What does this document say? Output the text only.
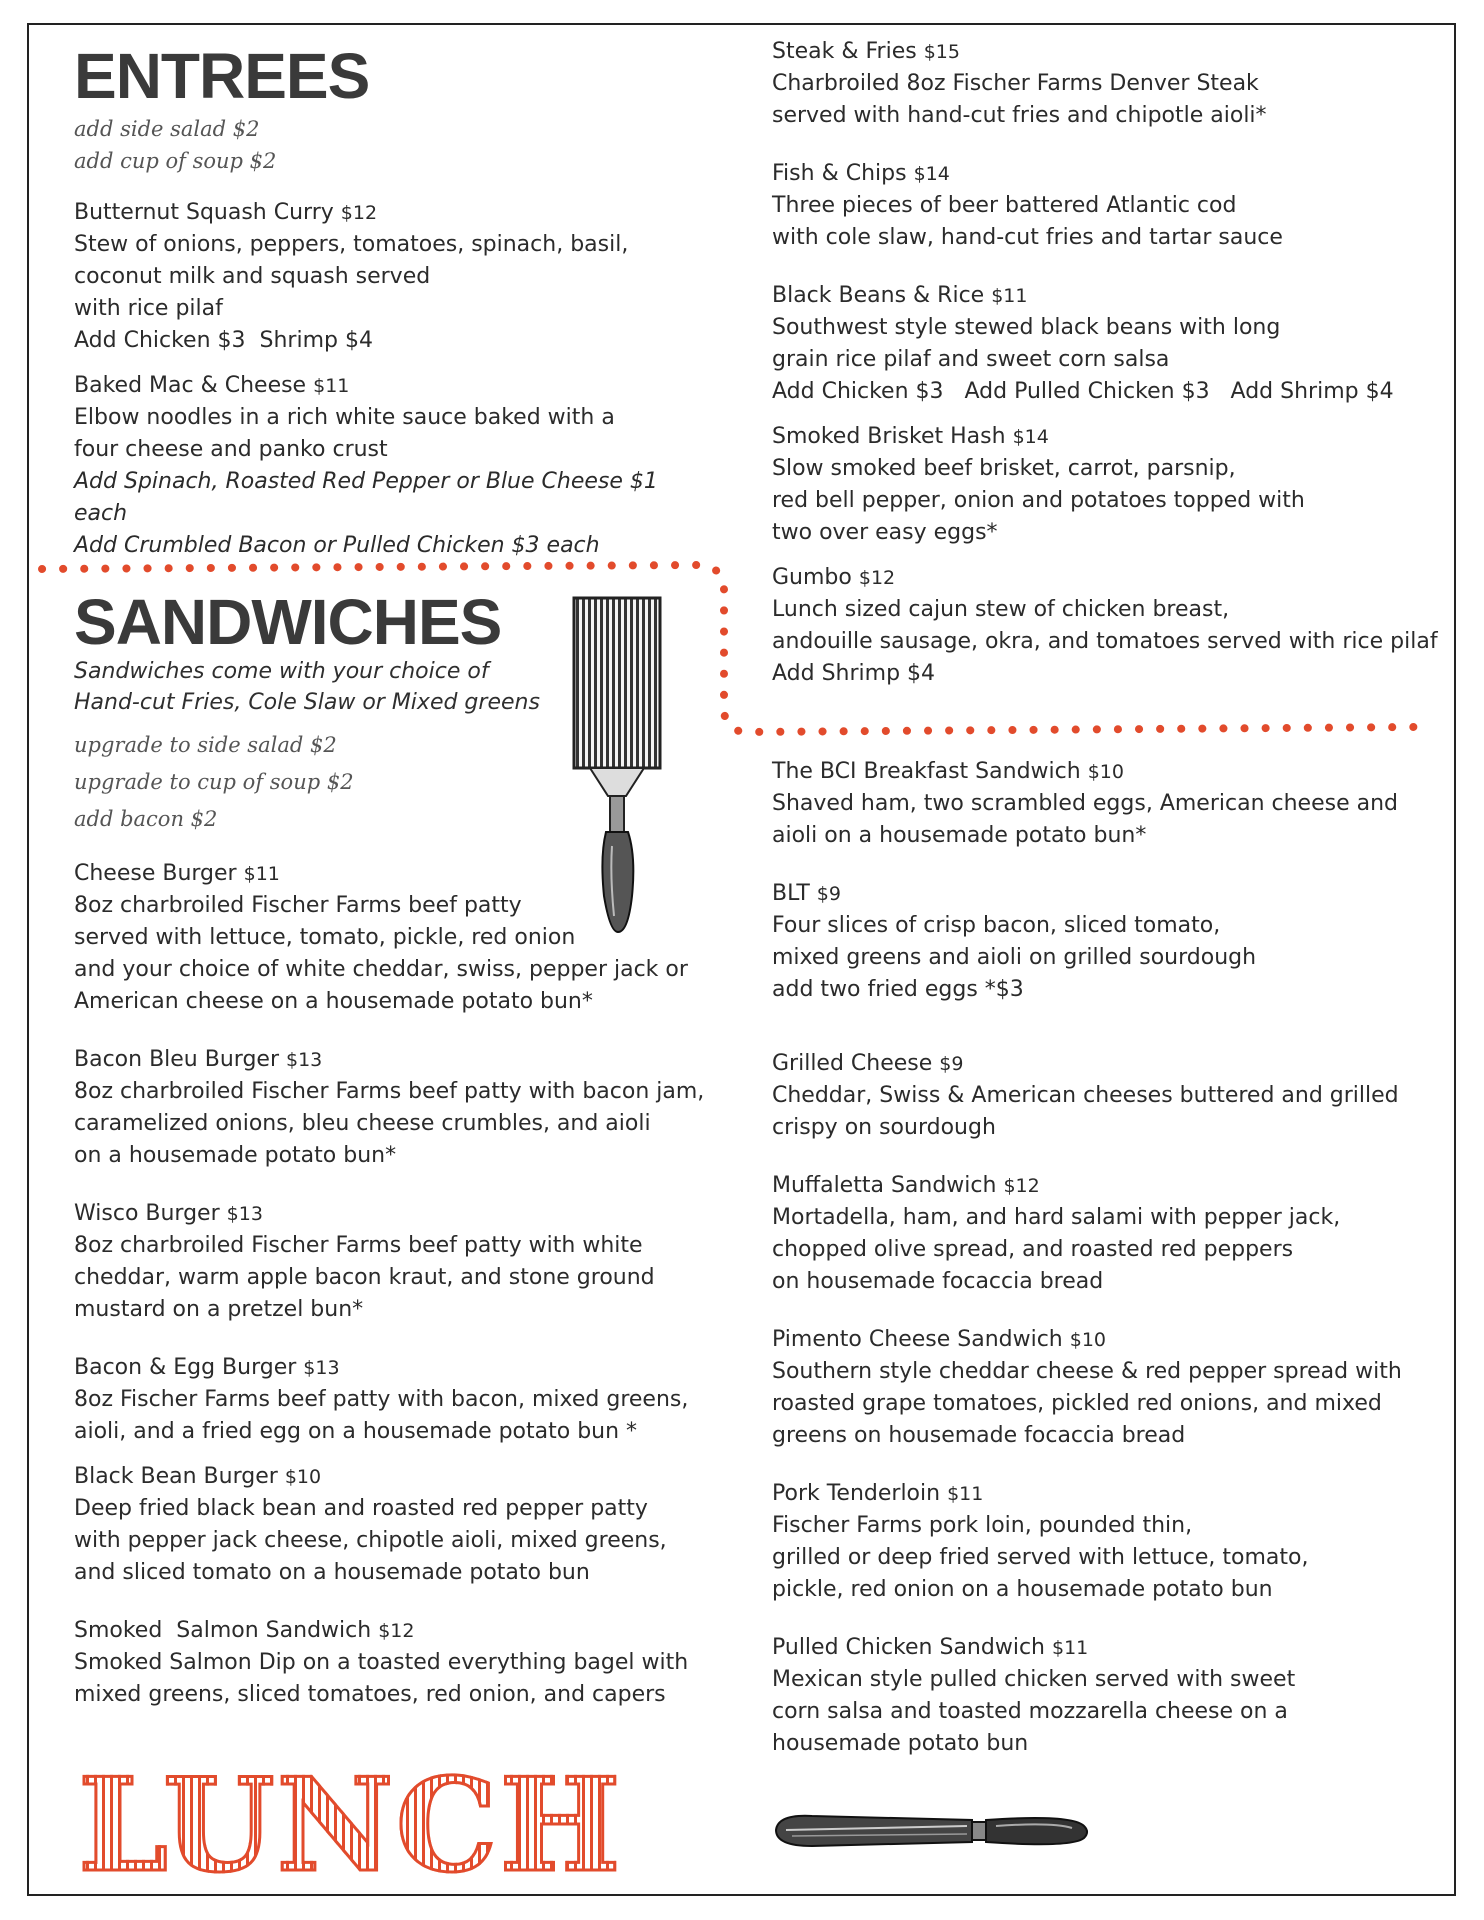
ENTREES

add side salad $2

add cup of soup $2

Butternut Squash Curry $12
Stew of onions, peppers, tomatoes, spinach, basil,
coconut milk and squash served
with rice pilaf
Add Chicken $3  Shrimp $4
Baked Mac & Cheese $11
Elbow noodles in a rich white sauce baked with a
four cheese and panko crust
Add Spinach, Roasted Red Pepper or Blue Cheese $1 each
Add Crumbled Bacon or Pulled Chicken $3 each
Steak & Fries $15
Charbroiled 8oz Fischer Farms Denver Steak
served with hand-cut fries and chipotle aioli*
Fish & Chips $14
Three pieces of beer battered Atlantic cod
with cole slaw, hand-cut fries and tartar sauce
Black Beans & Rice $11
Southwest style stewed black beans with long
grain rice pilaf and sweet corn salsa
Add Chicken $3   Add Pulled Chicken $3   Add Shrimp $4
Smoked Brisket Hash $14
Slow smoked beef brisket, carrot, parsnip,
red bell pepper, onion and potatoes topped with
two over easy eggs*
Gumbo $12
Lunch sized cajun stew of chicken breast,
andouille sausage, okra, and tomatoes served with rice pilaf
Add Shrimp $4
SANDWICHES

Sandwiches come with your choice of

Hand-cut Fries, Cole Slaw or Mixed greens

upgrade to side salad $2

upgrade to cup of soup $2

add bacon $2

Cheese Burger $11
8oz charbroiled Fischer Farms beef patty
served with lettuce, tomato, pickle, red onion
and your choice of white cheddar, swiss, pepper jack or
American cheese on a housemade potato bun*
Bacon Bleu Burger $13
8oz charbroiled Fischer Farms beef patty with bacon jam,
caramelized onions, bleu cheese crumbles, and aioli
on a housemade potato bun*
Wisco Burger $13
8oz charbroiled Fischer Farms beef patty with white
cheddar, warm apple bacon kraut, and stone ground
mustard on a pretzel bun*
Bacon & Egg Burger $13
8oz Fischer Farms beef patty with bacon, mixed greens,
aioli, and a fried egg on a housemade potato bun *
Black Bean Burger $10
Deep fried black bean and roasted red pepper patty
with pepper jack cheese, chipotle aioli, mixed greens,
and sliced tomato on a housemade potato bun
Smoked  Salmon Sandwich $12
Smoked Salmon Dip on a toasted everything bagel with
mixed greens, sliced tomatoes, red onion, and capers
The BCI Breakfast Sandwich $10
Shaved ham, two scrambled eggs, American cheese and
aioli on a housemade potato bun*
BLT $9
Four slices of crisp bacon, sliced tomato,
mixed greens and aioli on grilled sourdough
add two fried eggs *$3
Grilled Cheese $9
Cheddar, Swiss & American cheeses buttered and grilled
crispy on sourdough
Muffaletta Sandwich $12
Mortadella, ham, and hard salami with pepper jack,
chopped olive spread, and roasted red peppers
on housemade focaccia bread
Pimento Cheese Sandwich $10
Southern style cheddar cheese & red pepper spread with
roasted grape tomatoes, pickled red onions, and mixed
greens on housemade focaccia bread
Pork Tenderloin $11
Fischer Farms pork loin, pounded thin,
grilled or deep fried served with lettuce, tomato,
pickle, red onion on a housemade potato bun
Pulled Chicken Sandwich $11
Mexican style pulled chicken served with sweet
corn salsa and toasted mozzarella cheese on a
housemade potato bun
LUNCH
